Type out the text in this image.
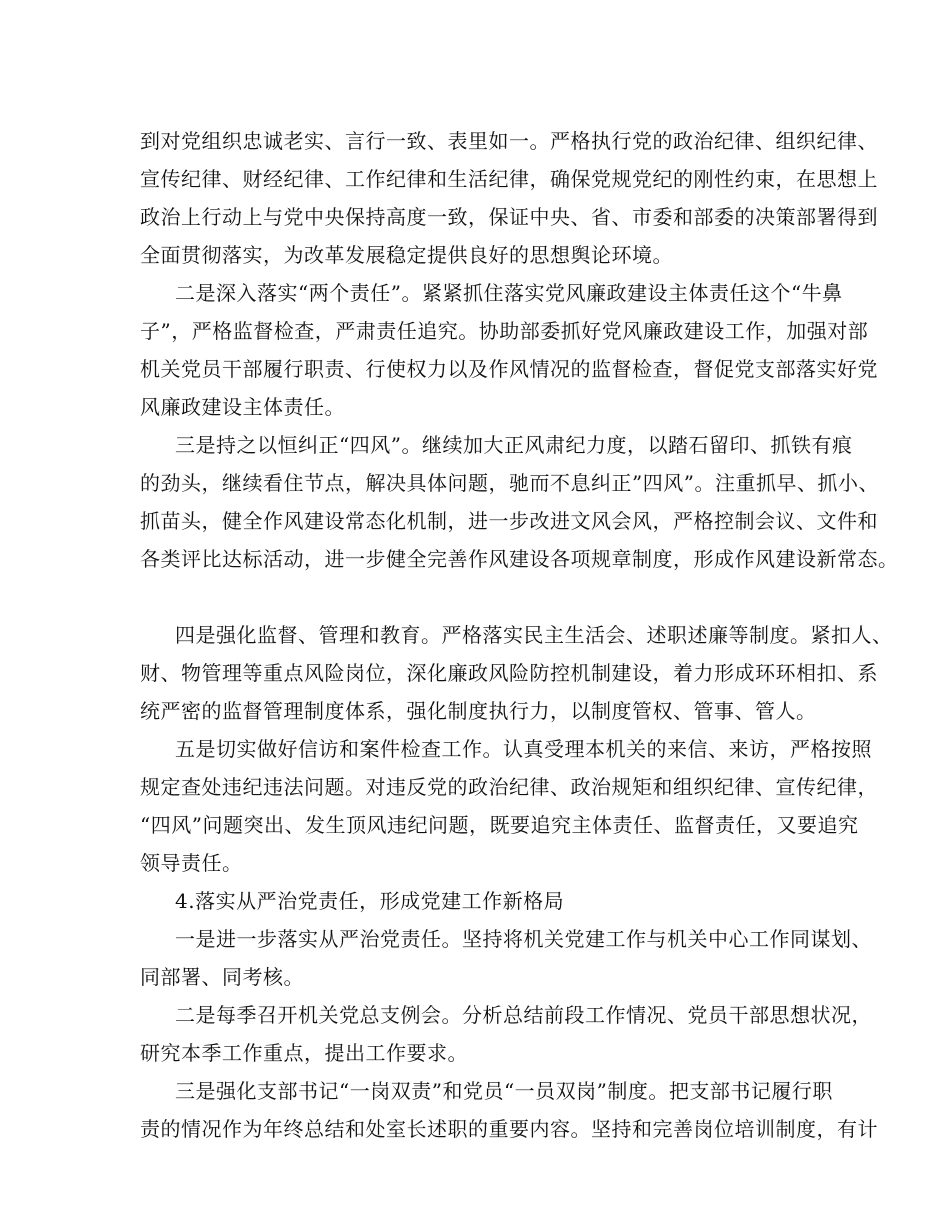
到对党组织忠诚老实、言行一致、表里如一。严格执行党的政治纪律、组织纪律、
宣传纪律、财经纪律、工作纪律和生活纪律，确保党规党纪的刚性约束，在思想上
政治上行动上与党中央保持高度一致，保证中央、省、市委和部委的决策部署得到
全面贯彻落实，为改革发展稳定提供良好的思想舆论环境。
二是深入落实“两个责任”。紧紧抓住落实党风廉政建设主体责任这个“牛鼻
子”，严格监督检查，严肃责任追究。协助部委抓好党风廉政建设工作，加强对部
机关党员干部履行职责、行使权力以及作风情况的监督检查，督促党支部落实好党
风廉政建设主体责任。
三是持之以恒纠正“四风”。继续加大正风肃纪力度，以踏石留印、抓铁有痕
的劲头，继续看住节点，解决具体问题，驰而不息纠正”四风”。注重抓早、抓小、
抓苗头，健全作风建设常态化机制，进一步改进文风会风，严格控制会议、文件和
各类评比达标活动，进一步健全完善作风建设各项规章制度，形成作风建设新常态。
四是强化监督、管理和教育。严格落实民主生活会、述职述廉等制度。紧扣人、
财、物管理等重点风险岗位，深化廉政风险防控机制建设，着力形成环环相扣、系
统严密的监督管理制度体系，强化制度执行力，以制度管权、管事、管人。
五是切实做好信访和案件检查工作。认真受理本机关的来信、来访，严格按照
规定查处违纪违法问题。对违反党的政治纪律、政治规矩和组织纪律、宣传纪律，
“四风”问题突出、发生顶风违纪问题，既要追究主体责任、监督责任，又要追究
领导责任。
4.落实从严治党责任，形成党建工作新格局
一是进一步落实从严治党责任。坚持将机关党建工作与机关中心工作同谋划、
同部署、同考核。
二是每季召开机关党总支例会。分析总结前段工作情况、党员干部思想状况，
研究本季工作重点，提出工作要求。
三是强化支部书记“一岗双责”和党员“一员双岗”制度。把支部书记履行职
责的情况作为年终总结和处室长述职的重要内容。坚持和完善岗位培训制度，有计
